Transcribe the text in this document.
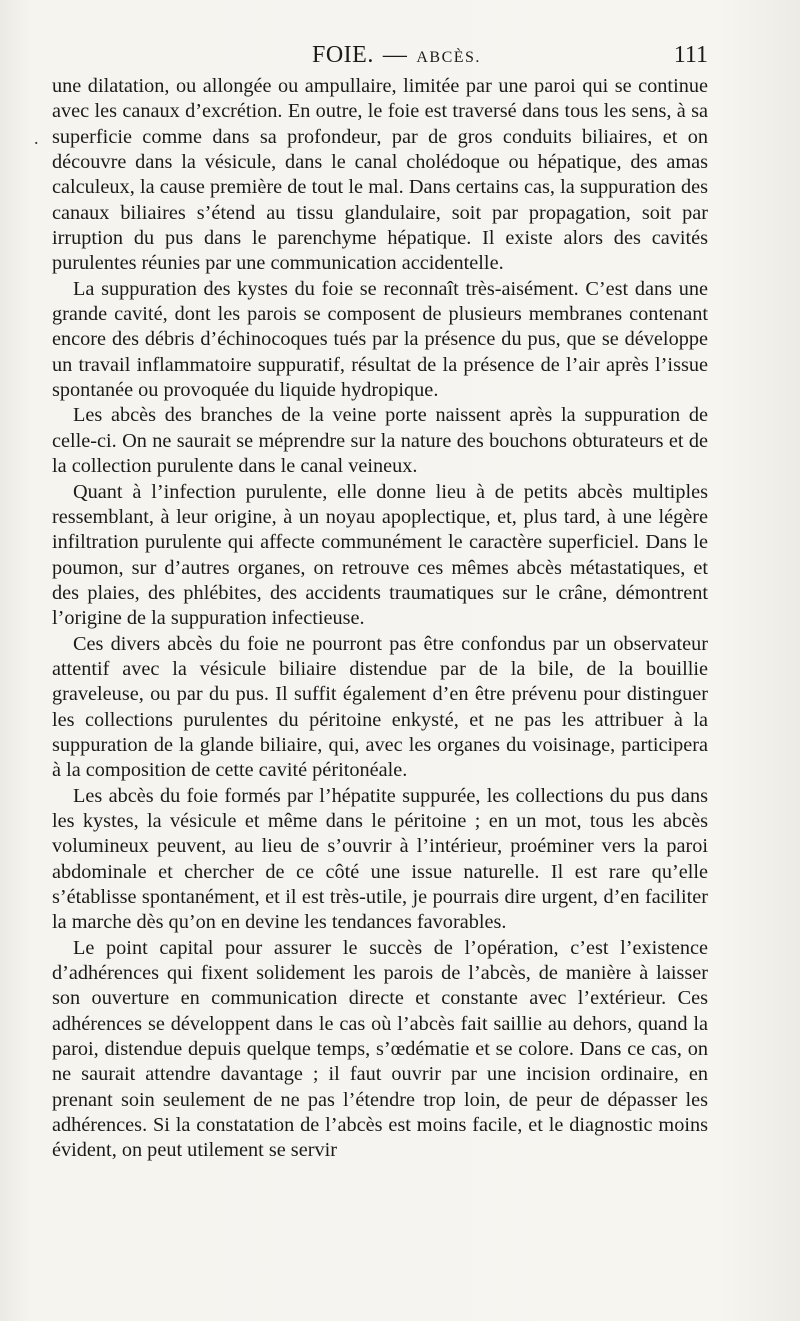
FOIE. — ABCÈS.	111
.

une dilatation, ou allongée ou ampullaire, limitée par une paroi qui se continue avec les canaux d’excrétion. En outre, le foie est traversé dans tous les sens, à sa superficie comme dans sa profondeur, par de gros conduits biliaires, et on découvre dans la vésicule, dans le canal cholédoque ou hépatique, des amas calculeux, la cause première de tout le mal. Dans certains cas, la suppuration des canaux biliaires s’étend au tissu glandulaire, soit par propagation, soit par irruption du pus dans le parenchyme hépatique. Il existe alors des cavités purulentes réunies par une communication accidentelle.

La suppuration des kystes du foie se reconnaît très-aisément. C’est dans une grande cavité, dont les parois se composent de plusieurs membranes contenant encore des débris d’échinocoques tués par la présence du pus, que se développe un travail inflammatoire suppuratif, résultat de la présence de l’air après l’issue spontanée ou provoquée du liquide hydropique.

Les abcès des branches de la veine porte naissent après la suppuration de celle-ci. On ne saurait se méprendre sur la nature des bouchons obturateurs et de la collection purulente dans le canal veineux.

Quant à l’infection purulente, elle donne lieu à de petits abcès multiples ressemblant, à leur origine, à un noyau apoplectique, et, plus tard, à une légère infiltration purulente qui affecte communément le caractère superficiel. Dans le poumon, sur d’autres organes, on retrouve ces mêmes abcès métastatiques, et des plaies, des phlébites, des accidents traumatiques sur le crâne, démontrent l’origine de la suppuration infectieuse.

Ces divers abcès du foie ne pourront pas être confondus par un observateur attentif avec la vésicule biliaire distendue par de la bile, de la bouillie graveleuse, ou par du pus. Il suffit également d’en être prévenu pour distinguer les collections purulentes du péritoine enkysté, et ne pas les attribuer à la suppuration de la glande biliaire, qui, avec les organes du voisinage, participera à la composition de cette cavité péritonéale.

Les abcès du foie formés par l’hépatite suppurée, les collections du pus dans les kystes, la vésicule et même dans le péritoine ; en un mot, tous les abcès volumineux peuvent, au lieu de s’ouvrir à l’intérieur, proéminer vers la paroi abdominale et chercher de ce côté une issue naturelle. Il est rare qu’elle s’établisse spontanément, et il est très-utile, je pourrais dire urgent, d’en faciliter la marche dès qu’on en devine les tendances favorables.

Le point capital pour assurer le succès de l’opération, c’est l’existence d’adhérences qui fixent solidement les parois de l’abcès, de manière à laisser son ouverture en communication directe et constante avec l’extérieur. Ces adhérences se développent dans le cas où l’abcès fait saillie au dehors, quand la paroi, distendue depuis quelque temps, s’œdématie et se colore. Dans ce cas, on ne saurait attendre davantage ; il faut ouvrir par une incision ordinaire, en prenant soin seulement de ne pas l’étendre trop loin, de peur de dépasser les adhérences. Si la constatation de l’abcès est moins facile, et le diagnostic moins évident, on peut utilement se servir
